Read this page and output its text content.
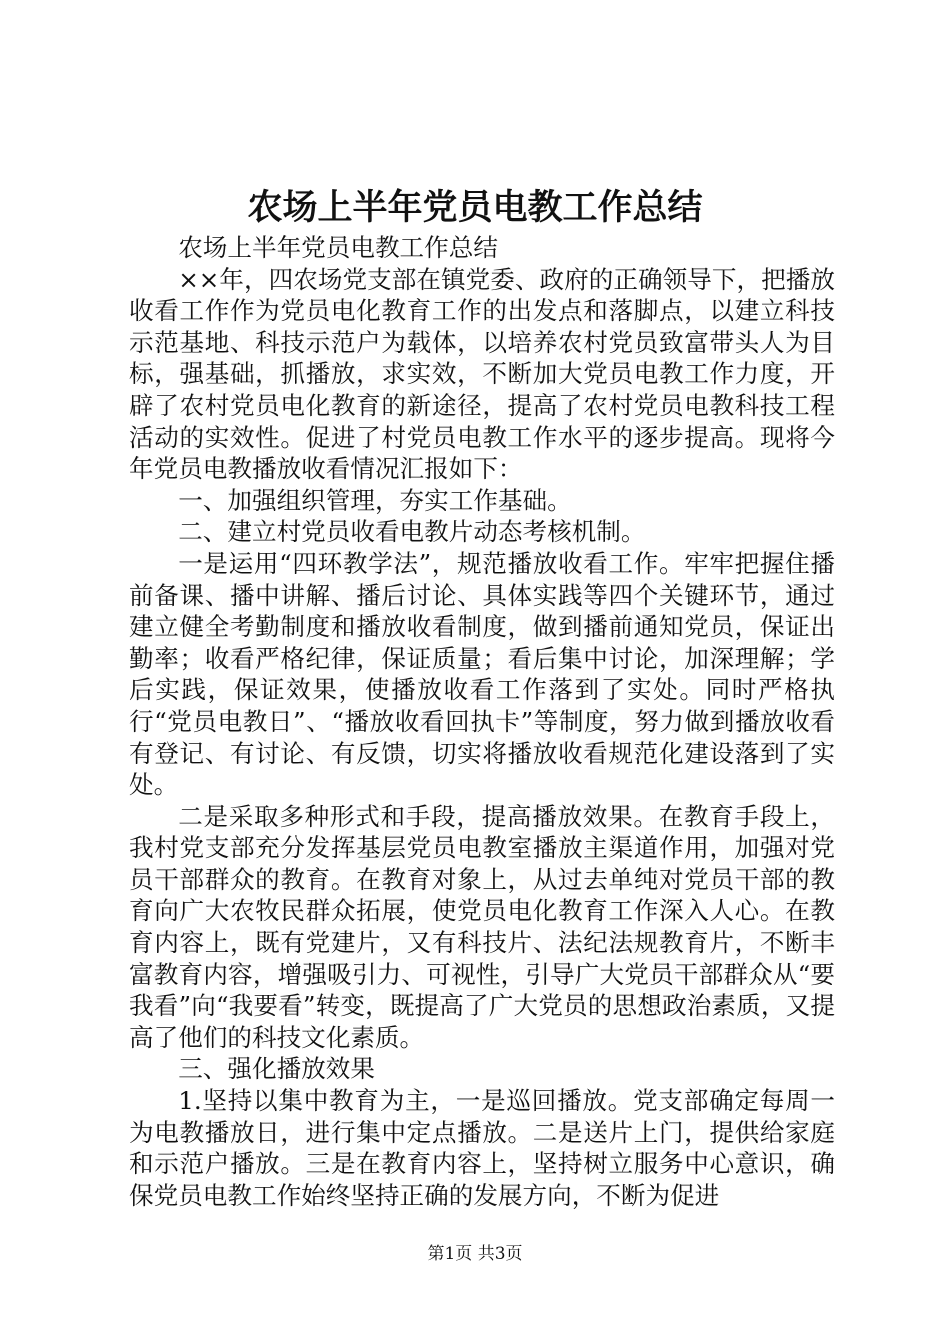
农场上半年党员电教工作总结

农场上半年党员电教工作总结

××年，四农场党支部在镇党委、政府的正确领导下，把播放收看工作作为党员电化教育工作的出发点和落脚点，以建立科技示范基地、科技示范户为载体，以培养农村党员致富带头人为目标，强基础，抓播放，求实效，不断加大党员电教工作力度，开辟了农村党员电化教育的新途径，提高了农村党员电教科技工程活动的实效性。促进了村党员电教工作水平的逐步提高。现将今年党员电教播放收看情况汇报如下：

一、加强组织管理，夯实工作基础。

二、建立村党员收看电教片动态考核机制。

一是运用“四环教学法”，规范播放收看工作。牢牢把握住播前备课、播中讲解、播后讨论、具体实践等四个关键环节，通过建立健全考勤制度和播放收看制度，做到播前通知党员，保证出勤率；收看严格纪律，保证质量；看后集中讨论，加深理解；学后实践，保证效果，使播放收看工作落到了实处。同时严格执行“党员电教日”、“播放收看回执卡”等制度，努力做到播放收看有登记、有讨论、有反馈，切实将播放收看规范化建设落到了实处。

二是采取多种形式和手段，提高播放效果。在教育手段上，我村党支部充分发挥基层党员电教室播放主渠道作用，加强对党员干部群众的教育。在教育对象上，从过去单纯对党员干部的教育向广大农牧民群众拓展，使党员电化教育工作深入人心。在教育内容上，既有党建片，又有科技片、法纪法规教育片，不断丰富教育内容，增强吸引力、可视性，引导广大党员干部群众从“要我看”向“我要看”转变，既提高了广大党员的思想政治素质，又提高了他们的科技文化素质。

三、强化播放效果

1.坚持以集中教育为主，一是巡回播放。党支部确定每周一为电教播放日，进行集中定点播放。二是送片上门，提供给家庭和示范户播放。三是在教育内容上，坚持树立服务中心意识，确保党员电教工作始终坚持正确的发展方向，不断为促进

第1页 共3页
